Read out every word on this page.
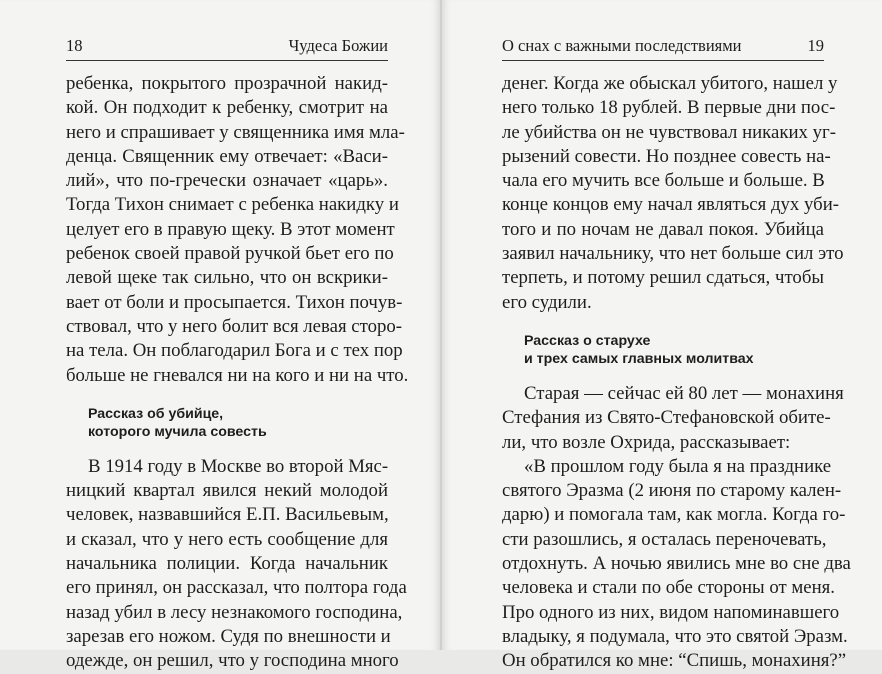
18	Чудеса Божии
ребенка, покрытого прозрачной накид-
кой. Он подходит к ребенку, смотрит на
него и спрашивает у священника имя мла-
денца. Священник ему отвечает: «Васи-
лий», что по-гречески означает «царь».
Тогда Тихон снимает с ребенка накидку и
целует его в правую щеку. В этот момент
ребенок своей правой ручкой бьет его по
левой щеке так сильно, что он вскрики-
вает от боли и просыпается. Тихон почув-
ствовал, что у него болит вся левая сторо-
на тела. Он поблагодарил Бога и с тех пор
больше не гневался ни на кого и ни на что.
Рассказ об убийце,
которого мучила совесть
В 1914 году в Москве во второй Мяс-
ницкий квартал явился некий молодой
человек, назвавшийся Е.П. Васильевым,
и сказал, что у него есть сообщение для
начальника полиции. Когда начальник
его принял, он рассказал, что полтора года
назад убил в лесу незнакомого господина,
зарезав его ножом. Судя по внешности и
одежде, он решил, что у господина много
О снах с важными последствиями	19
денег. Когда же обыскал убитого, нашел у
него только 18 рублей. В первые дни пос-
ле убийства он не чувствовал никаких уг-
рызений совести. Но позднее совесть на-
чала его мучить все больше и больше. В
конце концов ему начал являться дух уби-
того и по ночам не давал покоя. Убийца
заявил начальнику, что нет больше сил это
терпеть, и потому решил сдаться, чтобы
его судили.
Рассказ о старухе
и трех самых главных молитвах
Старая — сейчас ей 80 лет — монахиня
Стефания из Свято-Стефановской обите-
ли, что возле Охрида, рассказывает:
«В прошлом году была я на празднике
святого Эразма (2 июня по старому кален-
дарю) и помогала там, как могла. Когда го-
сти разошлись, я осталась переночевать,
отдохнуть. А ночью явились мне во сне два
человека и стали по обе стороны от меня.
Про одного из них, видом напоминавшего
владыку, я подумала, что это святой Эразм.
Он обратился ко мне: “Спишь, монахиня?”
